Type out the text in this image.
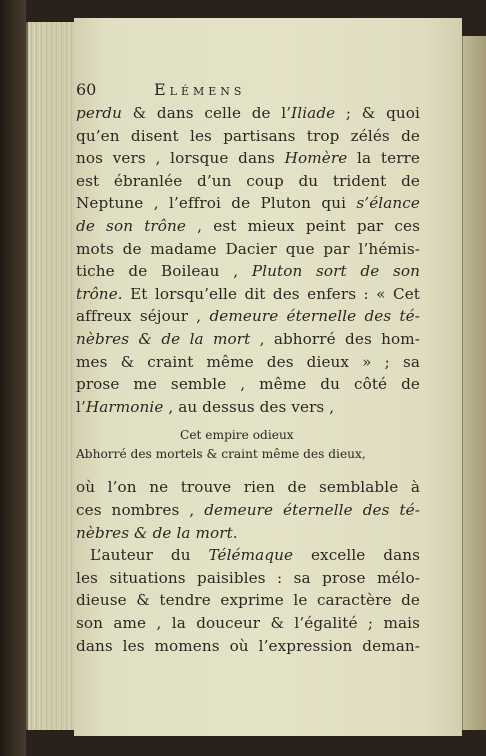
60	Elémens
perdu & dans celle de l’Iliade ; & quoi
qu’en disent les partisans trop zélés de
nos vers , lorsque dans Homère la terre
est ébranlée d’un coup du trident de
Neptune , l’effroi de Pluton qui s’élance
de son trône , est mieux peint par ces
mots de madame Dacier que par l’hémis-
tiche de Boileau , Pluton sort de son
trône. Et lorsqu’elle dit des enfers : « Cet
affreux séjour , demeure éternelle des té-
nèbres & de la mort , abhorré des hom-
mes & craint même des dieux » ; sa
prose me semble , même du côté de
l’Harmonie , au dessus des vers ,
Cet empire odieux
Abhorré des mortels & craint même des dieux,
où l’on ne trouve rien de semblable à
ces nombres , demeure éternelle des té-
nèbres & de la mort.
L’auteur du Télémaque excelle dans
les situations paisibles : sa prose mélo-
dieuse & tendre exprime le caractère de
son ame , la douceur & l’égalité ; mais
dans les momens où l’expression deman-
